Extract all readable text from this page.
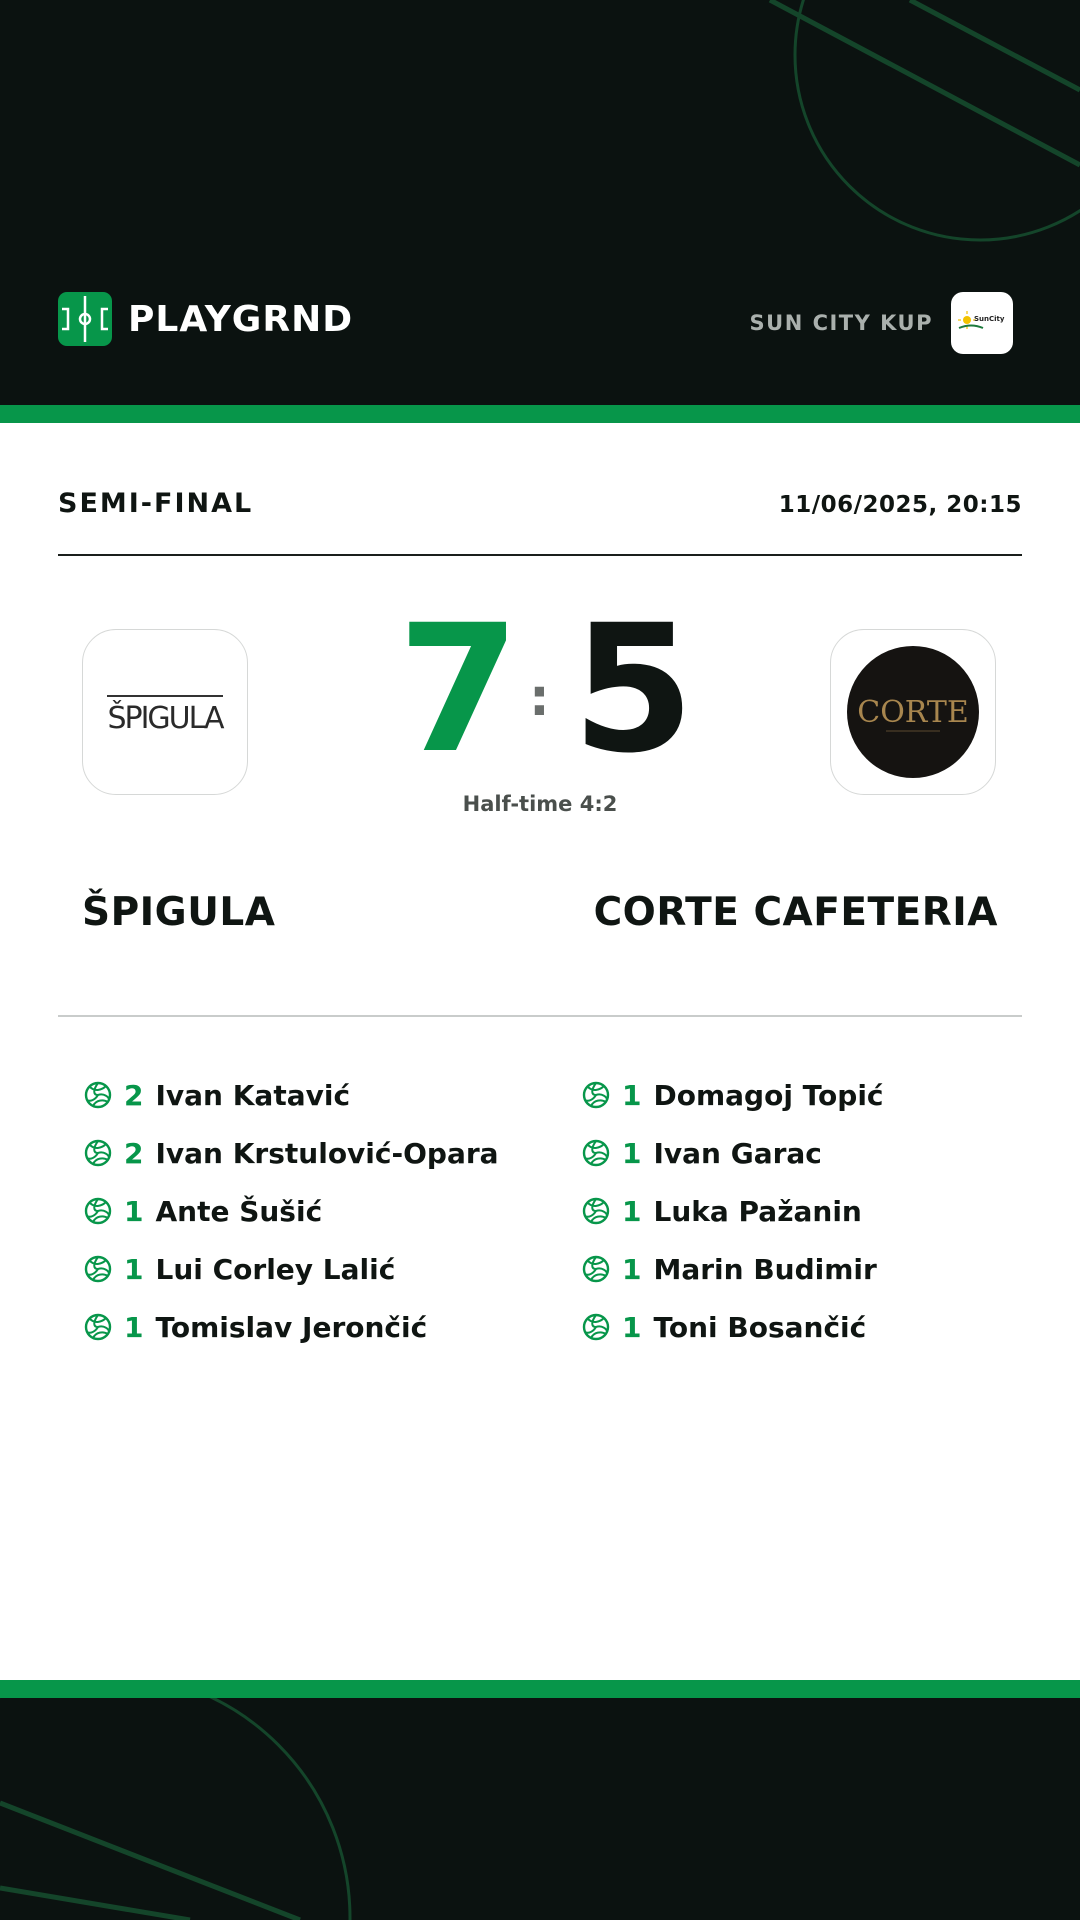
PLAYGRND	SUN CITY KUP	SunCity
SEMI-FINAL	11/06/2025, 20:15
ŠPIGULA	CORTE
7 : 5
Half-time 4:2
ŠPIGULA	CORTE CAFETERIA
2 Ivan Katavić
2 Ivan Krstulović-Opara
1 Ante Šušić
1 Lui Corley Lalić
1 Tomislav Jerončić
1 Domagoj Topić
1 Ivan Garac
1 Luka Pažanin
1 Marin Budimir
1 Toni Bosančić
